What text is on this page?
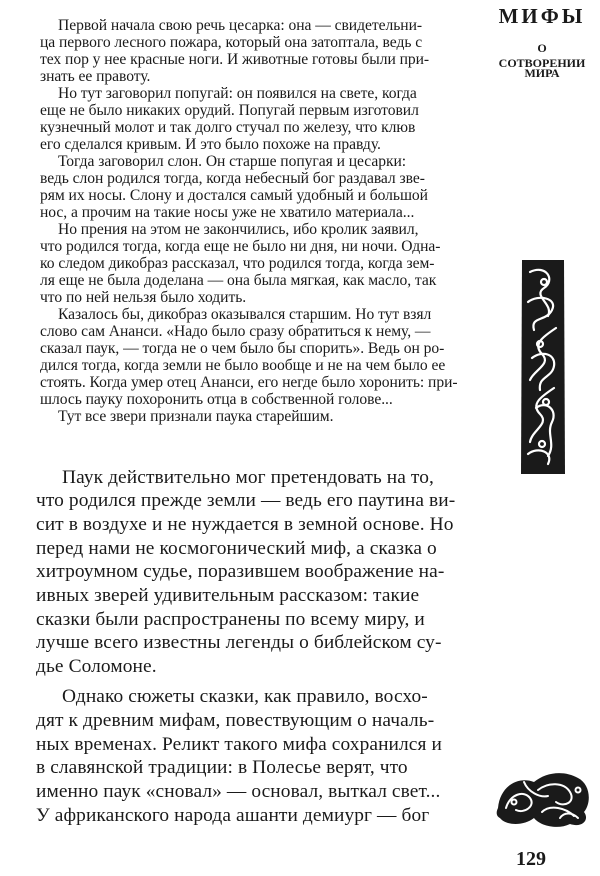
МИФЫ
О СОТВОРЕНИИ
МИРА

Первой начала свою речь цесарка: она — свидетельни-

ца первого лесного пожара, который она затоптала, ведь с

тех пор у нее красные ноги. И животные готовы были при-

знать ее правоту.

Но тут заговорил попугай: он появился на свете, когда

еще не было никаких орудий. Попугай первым изготовил

кузнечный молот и так долго стучал по железу, что клюв

его сделался кривым. И это было похоже на правду.

Тогда заговорил слон. Он старше попугая и цесарки:

ведь слон родился тогда, когда небесный бог раздавал зве-

рям их носы. Слону и достался самый удобный и большой

нос, а прочим на такие носы уже не хватило материала...

Но прения на этом не закончились, ибо кролик заявил,

что родился тогда, когда еще не было ни дня, ни ночи. Одна-

ко следом дикобраз рассказал, что родился тогда, когда зем-

ля еще не была доделана — она была мягкая, как масло, так

что по ней нельзя было ходить.

Казалось бы, дикобраз оказывался старшим. Но тут взял

слово сам Ананси. «Надо было сразу обратиться к нему, —

сказал паук, — тогда не о чем было бы спорить». Ведь он ро-

дился тогда, когда земли не было вообще и не на чем было ее

стоять. Когда умер отец Ананси, его негде было хоронить: при-

шлось пауку похоронить отца в собственной голове...

Тут все звери признали паука старейшим.

Паук действительно мог претендовать на то,

что родился прежде земли — ведь его паутина ви-

сит в воздухе и не нуждается в земной основе. Но

перед нами не космогонический миф, а сказка о

хитроумном судье, поразившем воображение на-

ивных зверей удивительным рассказом: такие

сказки были распространены по всему миру, и

лучше всего известны легенды о библейском су-

дье Соломоне.

Однако сюжеты сказки, как правило, восхо-

дят к древним мифам, повествующим о началь-

ных временах. Реликт такого мифа сохранился и

в славянской традиции: в Полесье верят, что

именно паук «сновал» — основал, выткал свет...

У африканского народа ашанти демиург — бог

129
